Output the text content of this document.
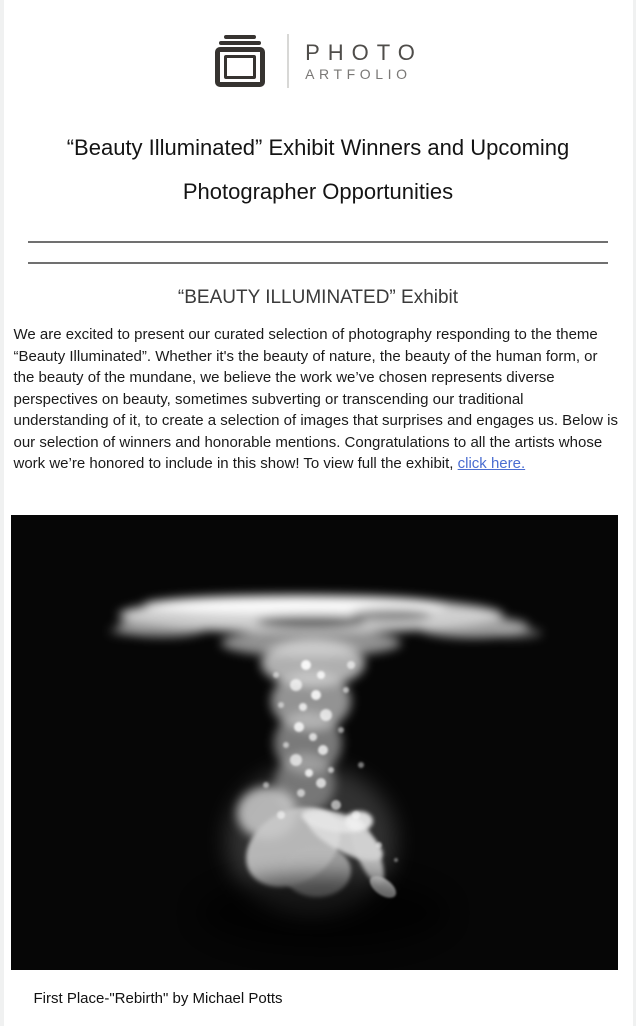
PHOTO
ARTFOLIO
“Beauty Illuminated” Exhibit Winners and Upcoming Photographer Opportunities
“BEAUTY ILLUMINATED” Exhibit

We are excited to present our curated selection of photography responding to the theme “Beauty Illuminated”. Whether it's the beauty of nature, the beauty of the human form, or the beauty of the mundane, we believe the work we’ve chosen represents diverse perspectives on beauty, sometimes subverting or transcending our traditional understanding of it, to create a selection of images that surprises and engages us. Below is our selection of winners and honorable mentions. Congratulations to all the artists whose work we’re honored to include in this show! To view full the exhibit, click here.

First Place-"Rebirth" by Michael Potts
